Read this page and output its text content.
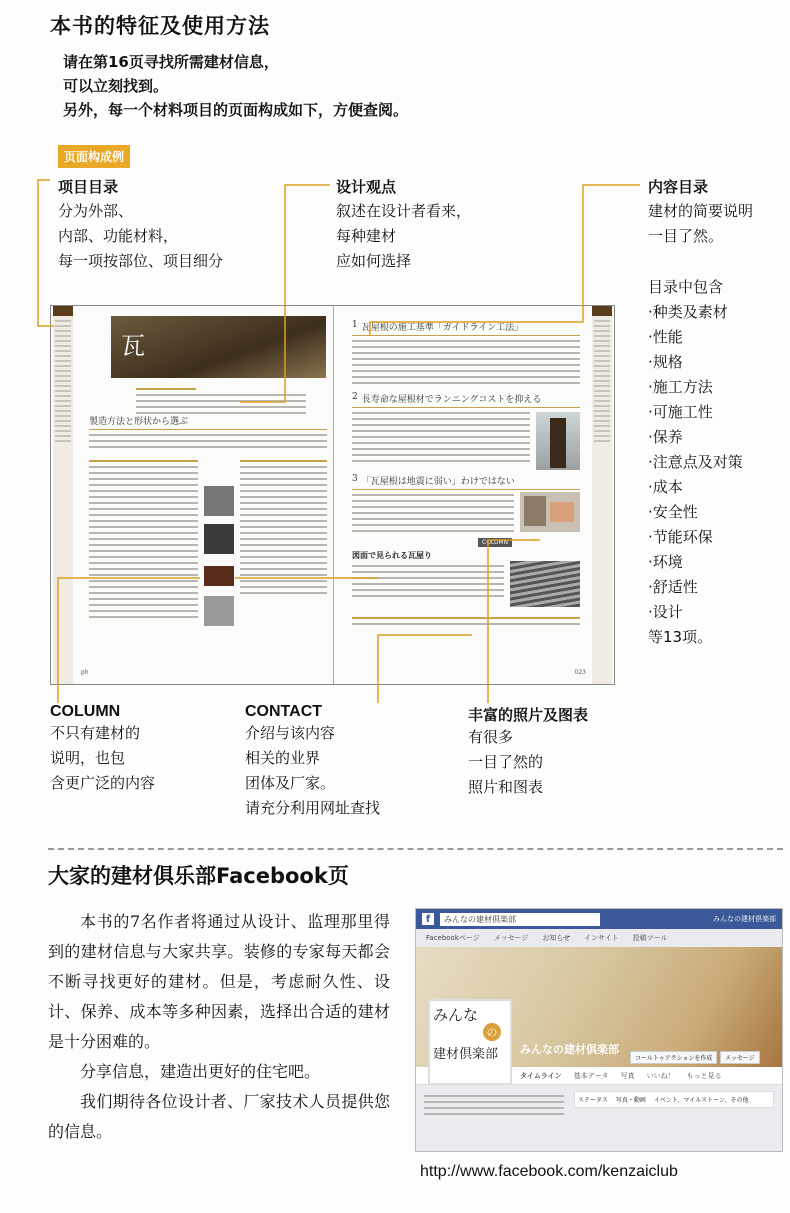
本书的特征及使用方法
请在第16页寻找所需建材信息，
可以立刻找到。
另外，每一个材料项目的页面构成如下，方便查阅。
页面构成例
项目目录
分为外部、
内部、功能材料，
每一项按部位、项目细分
设计观点
叙述在设计者看来，
每种建材
应如何选择
内容目录
建材的简要说明
一目了然。
目录中包含
·种类及素材
·性能
·规格
·施工方法
·可施工性
·保养
·注意点及对策
·成本
·安全性
·节能环保
·环境
·舒适性
·设计
等13项。
瓦
製造方法と形状から選ぶ
ph
1 瓦屋根の施工基準「ガイドライン工法」
2 長寿命な屋根材でランニングコストを抑える
3 「瓦屋根は地震に弱い」わけではない
COLUMN
図面で見られる瓦屋り
023
COLUMN
不只有建材的
说明，也包
含更广泛的内容
CONTACT
介绍与该内容
相关的业界
团体及厂家。
请充分利用网址查找
丰富的照片及图表
有很多
一目了然的
照片和图表
大家的建材俱乐部Facebook页

本书的7名作者将通过从设计、监理那里得到的建材信息与大家共享。装修的专家每天都会不断寻找更好的建材。但是，考虑耐久性、设计、保养、成本等多种因素，选择出合适的建材是十分困难的。

分享信息，建造出更好的住宅吧。

我们期待各位设计者、厂家技术人员提供您的信息。

f	みんなの建材倶楽部	みんなの建材倶楽部
Facebookページ メッセージ お知らせ インサイト 投稿ツール
みんな
の
建材倶楽部	みんなの建材倶楽部
コールトゥアクションを作成	メッセージ
タイムライン 基本データ 写真 いいね！ もっと見る
ステータス 写真・動画 イベント、マイルストーン、その他
http://www.facebook.com/kenzaiclub
